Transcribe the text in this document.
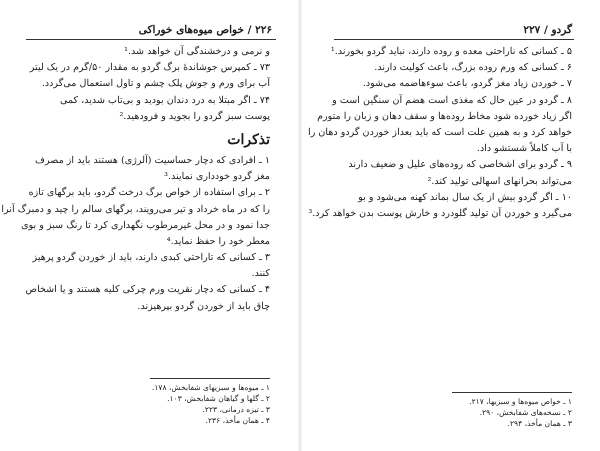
۲۲۶ / خواص میوه‌های خوراکی
و نرمی و درخشندگی آن خواهد شد.¹
۷۳ ـ کمپرس جوشاندهٔ برگ گردو به مقدار ۵۰/گرم در یک لیتر
آب برای ورم و جوش پلک چشم و تاول استعمال می‌گردد.
۷۴ ـ اگر مبتلا به درد دندان بودید و بی‌تاب شدید، کمی
پوست سبز گردو را بجوید و فرودهید.²
تذکرات
۱ ـ افرادی که دچار حساسیت (آلرژی) هستند باید از مصرف
مغز گردو خودداری نمایند.³
۲ ـ برای استفاده از خواص برگ درخت گردو، باید برگهای تازه
را که در ماه خرداد و تیر می‌رویند، برگهای سالم را چید و دمبرگ آنرا
جدا نمود و در محل غیرمرطوب نگهداری کرد تا رنگ سبز و بوی
معطر خود را حفظ نماید.⁴
۳ ـ کسانی که تاراحتی کبدی دارند، باید از خوردن گردو پرهیز
کنند.
۴ ـ کسانی که دچار نقریت ورم چرکی کلیه هستند و یا اشخاص
چاق باید از خوردن گردو بپرهیزند.
۱ ـ میوه‌ها و سبزیهای شفابخش، ۱۷۸.
۲ ـ گلها و گیاهان شفابخش، ۱۰۳.
۳ ـ تیزه درمانی، ۲۲۳.
۴ ـ همان مأخذ، ۲۳۶.
گردو / ۲۲۷
۵ ـ کسانی که ناراحتی معده و روده دارند، نباید گردو بخورند.¹
۶ ـ کسانی که ورم روده بزرگ، باعث کولیت دارند.
۷ ـ خوردن زیاد مغز گردو، باعث سوءهاضمه می‌شود.
۸ ـ گردو در عین حال که مغذی است هضم آن سنگین است و
اگر زیاد خورده شود مخاط روده‌ها و سقف دهان و زبان را متورم
خواهد کرد و به همین علت است که باید بعداز خوردن گردو دهان را
با آب کاملاً شستشو داد.
۹ ـ گردو برای اشخاصی که روده‌های علیل و ضعیف دارند
می‌تواند بحرانهای اسهالی تولید کند.²
۱۰ ـ اگر گردو بیش از یک سال بماند کهنه می‌شود و بو
می‌گیرد و خوردن آن تولید گلودرد و خارش پوست بدن خواهد کرد.³
۱ ـ خواص میوه‌ها و سبزیها، ۲۱۷.
۲ ـ نسخه‌های شفابخش، ۲۹۰.
۳ ـ همان مأخذ، ۲۹۴.
